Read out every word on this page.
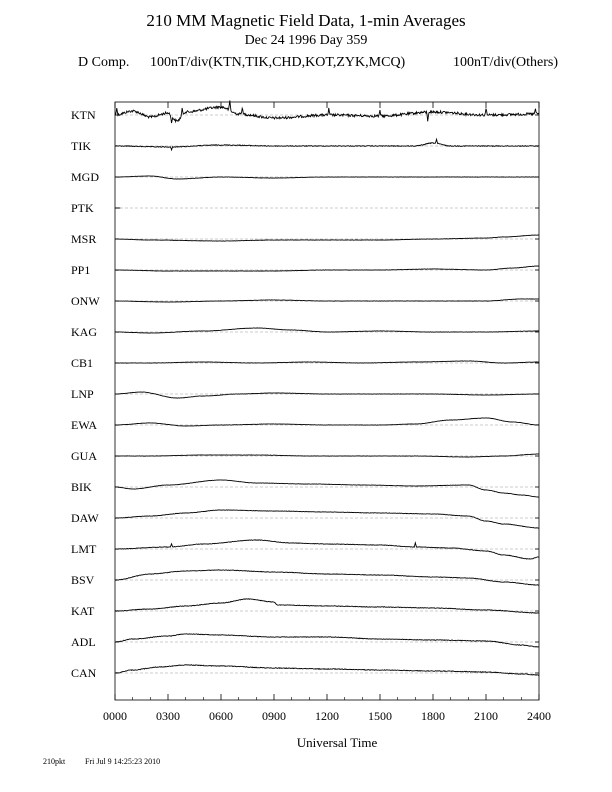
210 MM Magnetic Field Data, 1-min Averages
Dec 24 1996 Day 359
D Comp. 100nT/div(KTN,TIK,CHD,KOT,ZYK,MCQ)	100nT/div(Others)
KTN
TIK
MGD
PTK
MSR
PP1
ONW
KAG
CB1
LNP
EWA
GUA
BIK
DAW
LMT
BSV
KAT
ADL
CAN
0000 0300 0600 0900 1200 1500 1800 2100 2400
Universal Time
210pkt Fri Jul 9 14:25:23 2010
